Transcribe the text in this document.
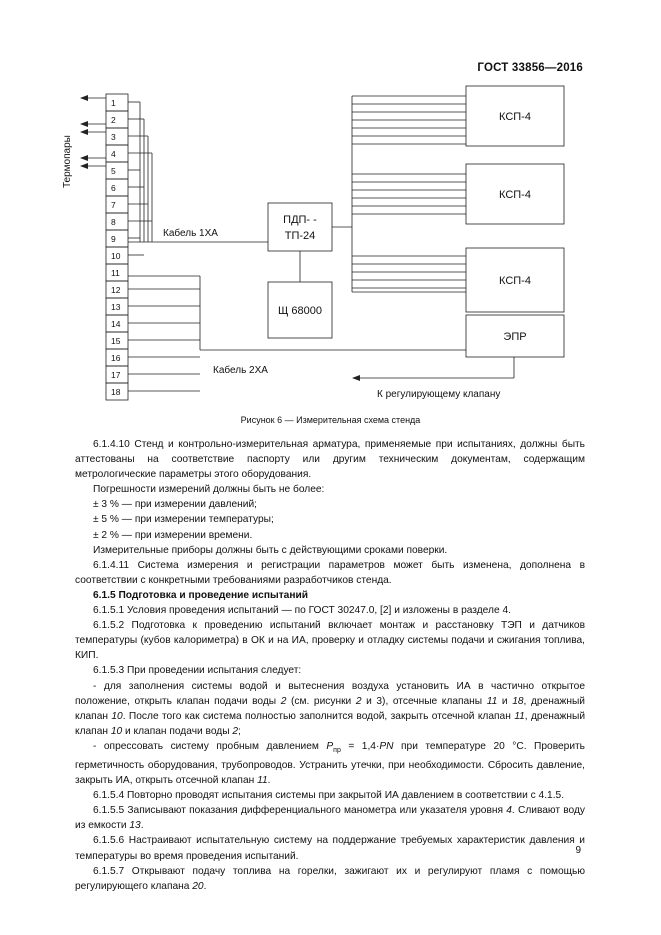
ГОСТ 33856—2016
1
2
3
4
5
6
7
8
9
10
11
12
13
14
15
16
17
18
Термопары
Кабель 1ХА
Кабель 2ХА
ПДП- -
ТП-24
Щ 68000
КСП-4
КСП-4
КСП-4
ЭПР
К регулирующему клапану
Рисунок 6 — Измерительная схема стенда

6.1.4.10 Стенд и контрольно-измерительная арматура, применяемые при испытаниях, должны быть аттестованы на соответствие паспорту или другим техническим документам, содержащим метрологические параметры этого оборудования.

Погрешности измерений должны быть не более:

± 3 % — при измерении давлений;

± 5 % — при измерении температуры;

± 2 % — при измерении времени.

Измерительные приборы должны быть с действующими сроками поверки.

6.1.4.11 Система измерения и регистрации параметров может быть изменена, дополнена в соответствии с конкретными требованиями разработчиков стенда.

6.1.5 Подготовка и проведение испытаний

6.1.5.1 Условия проведения испытаний — по ГОСТ 30247.0, [2] и изложены в разделе 4.

6.1.5.2 Подготовка к проведению испытаний включает монтаж и расстановку ТЭП и датчиков температуры (кубов калориметра) в ОК и на ИА, проверку и отладку системы подачи и сжигания топлива, КИП.

6.1.5.3 При проведении испытания следует:

- для заполнения системы водой и вытеснения воздуха установить ИА в частично открытое положение, открыть клапан подачи воды 2 (см. рисунки 2 и 3), отсечные клапаны 11 и 18, дренажный клапан 10. После того как система полностью заполнится водой, закрыть отсечной клапан 11, дренажный клапан 10 и клапан подачи воды 2;

- опрессовать систему пробным давлением $P_{пр} = 1,4\cdot PN$ при температуре 20 °С. Проверить герметичность оборудования, трубопроводов. Устранить утечки, при необходимости. Сбросить давление, закрыть ИА, открыть отсечной клапан 11.

6.1.5.4 Повторно проводят испытания системы при закрытой ИА давлением в соответствии с 4.1.5.

6.1.5.5 Записывают показания дифференциального манометра или указателя уровня 4. Сливают воду из емкости 13.

6.1.5.6 Настраивают испытательную систему на поддержание требуемых характеристик давления и температуры во время проведения испытаний.

6.1.5.7 Открывают подачу топлива на горелки, зажигают их и регулируют пламя с помощью регулирующего клапана 20.

9
